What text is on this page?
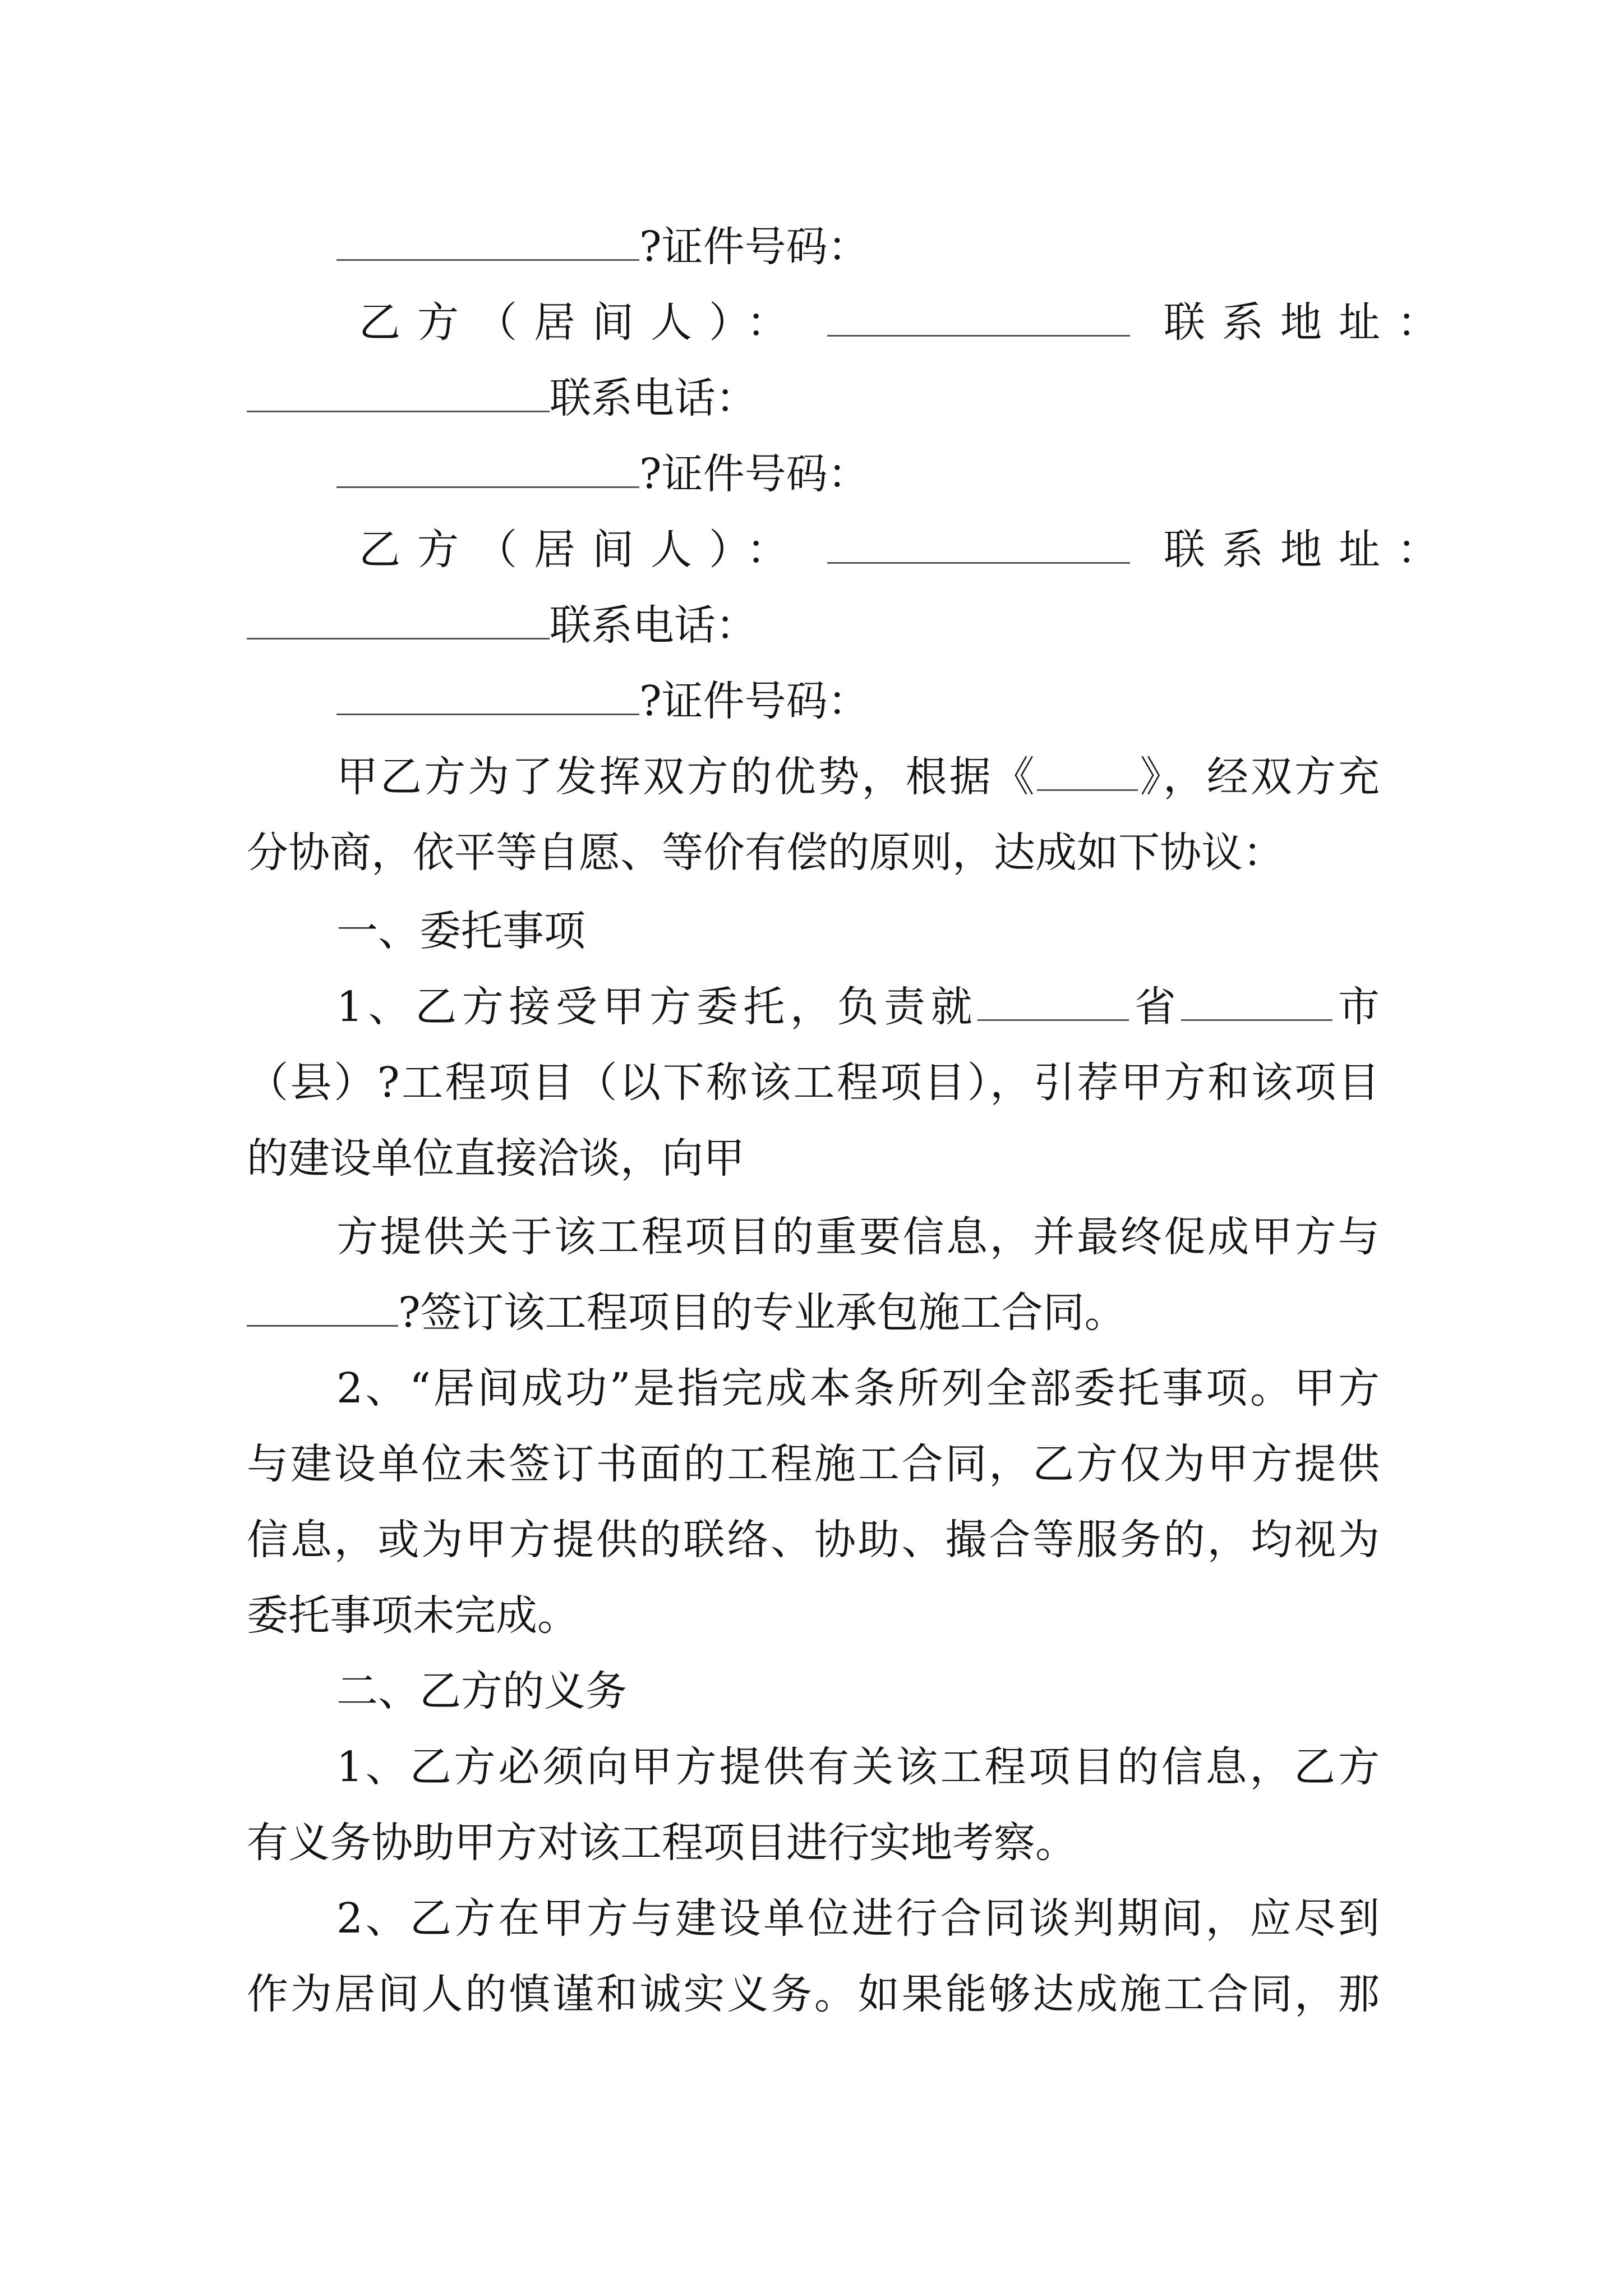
?证件号码：
乙方（居间人）：	联系地址：
联系电话：
?证件号码：
乙方（居间人）：	联系地址：
联系电话：
?证件号码：
甲乙方为了发挥双方的优势，根据《 》，经双方充
分协商，依平等自愿、等价有偿的原则，达成如下协议：
一、委托事项
1、乙方接受甲方委托，负责就	省	市
（县）?工程项目（以下称该工程项目），引荐甲方和该项目
的建设单位直接洽谈，向甲
方提供关于该工程项目的重要信息，并最终促成甲方与
?签订该工程项目的专业承包施工合同。
2、“居间成功”是指完成本条所列全部委托事项。甲方
与建设单位未签订书面的工程施工合同，乙方仅为甲方提供
信息，或为甲方提供的联络、协助、撮合等服务的，均视为
委托事项未完成。
二、乙方的义务
1、乙方必须向甲方提供有关该工程项目的信息，乙方
有义务协助甲方对该工程项目进行实地考察。
2、乙方在甲方与建设单位进行合同谈判期间，应尽到
作为居间人的慎谨和诚实义务。如果能够达成施工合同，那
